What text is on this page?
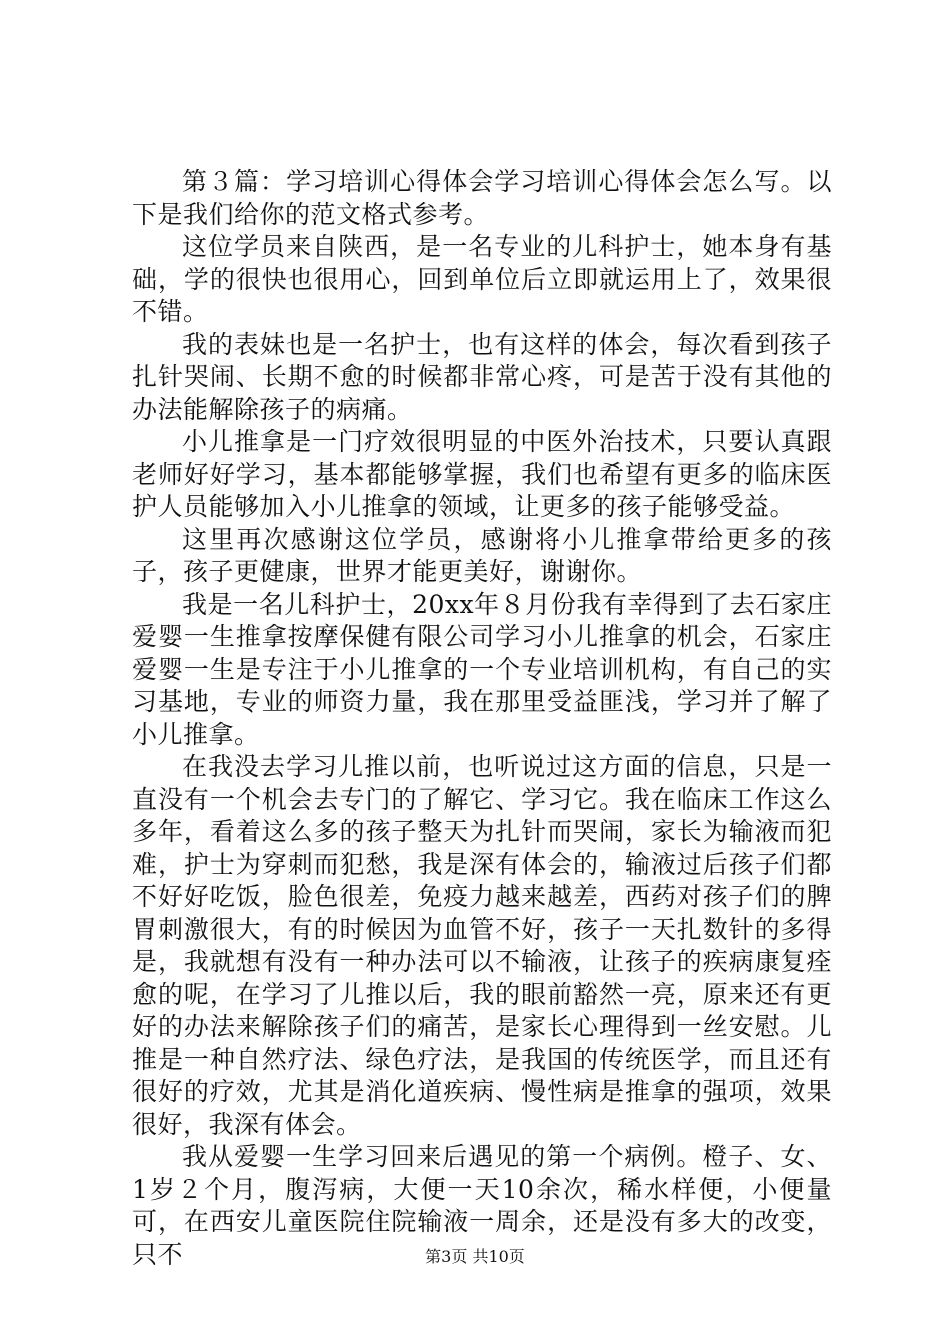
第３篇：学习培训心得体会学习培训心得体会怎么写。以下是我们给你的范文格式参考。

这位学员来自陕西，是一名专业的儿科护士，她本身有基础，学的很快也很用心，回到单位后立即就运用上了，效果很不错。

我的表妹也是一名护士，也有这样的体会，每次看到孩子扎针哭闹、长期不愈的时候都非常心疼，可是苦于没有其他的办法能解除孩子的病痛。

小儿推拿是一门疗效很明显的中医外治技术，只要认真跟老师好好学习，基本都能够掌握，我们也希望有更多的临床医护人员能够加入小儿推拿的领域，让更多的孩子能够受益。

这里再次感谢这位学员，感谢将小儿推拿带给更多的孩子，孩子更健康，世界才能更美好，谢谢你。

我是一名儿科护士，20xx年８月份我有幸得到了去石家庄爱婴一生推拿按摩保健有限公司学习小儿推拿的机会，石家庄爱婴一生是专注于小儿推拿的一个专业培训机构，有自己的实习基地，专业的师资力量，我在那里受益匪浅，学习并了解了小儿推拿。

在我没去学习儿推以前，也听说过这方面的信息，只是一直没有一个机会去专门的了解它、学习它。我在临床工作这么多年，看着这么多的孩子整天为扎针而哭闹，家长为输液而犯难，护士为穿刺而犯愁，我是深有体会的，输液过后孩子们都不好好吃饭，脸色很差，免疫力越来越差，西药对孩子们的脾胃刺激很大，有的时候因为血管不好，孩子一天扎数针的多得是，我就想有没有一种办法可以不输液，让孩子的疾病康复痊愈的呢，在学习了儿推以后，我的眼前豁然一亮，原来还有更好的办法来解除孩子们的痛苦，是家长心理得到一丝安慰。儿推是一种自然疗法、绿色疗法，是我国的传统医学，而且还有很好的疗效，尤其是消化道疾病、慢性病是推拿的强项，效果很好，我深有体会。

我从爱婴一生学习回来后遇见的第一个病例。橙子、女、1岁２个月，腹泻病，大便一天10余次，稀水样便，小便量可，在西安儿童医院住院输液一周余，还是没有多大的改变，只不	第3页 共10页
